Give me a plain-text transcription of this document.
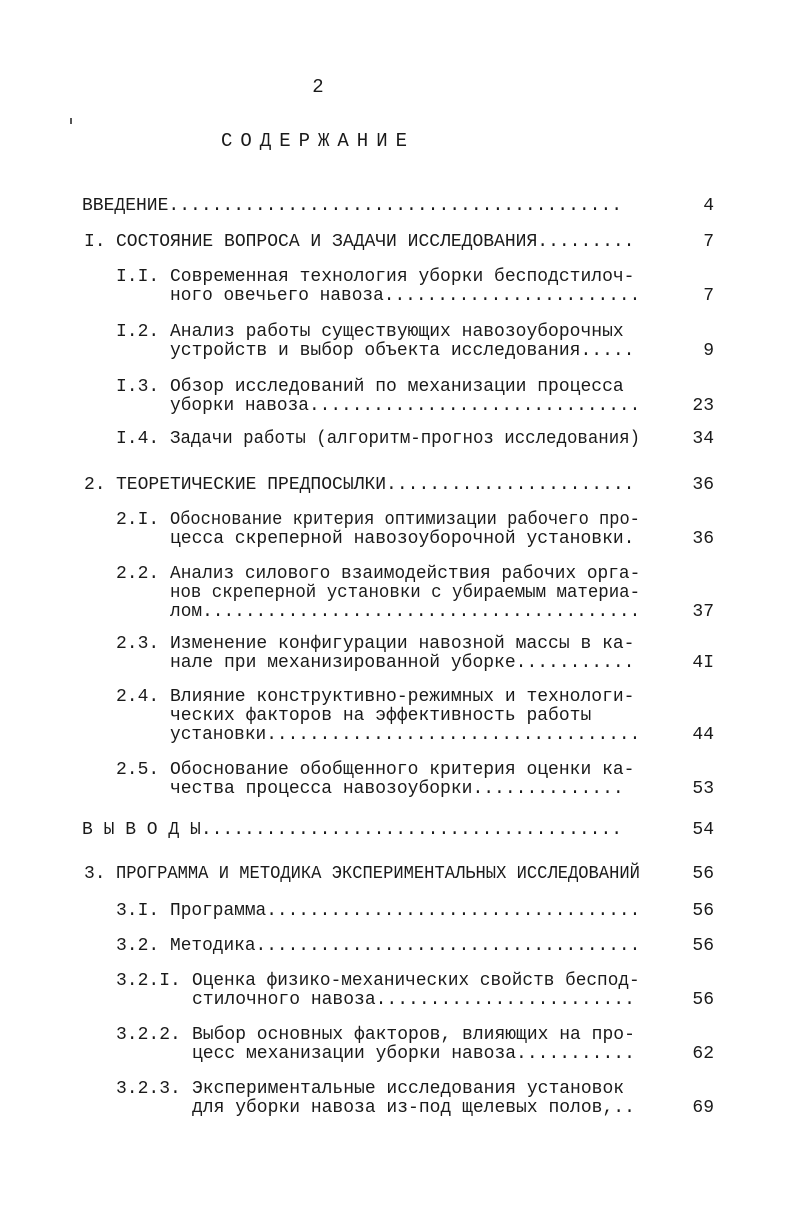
2
СОДЕРЖАНИЕ
ВВЕДЕНИЕ..........................................	4
I. СОСТОЯНИЕ ВОПРОСА И ЗАДАЧИ ИССЛЕДОВАНИЯ.........	7
I.I. Современная технология уборки бесподстилоч-
ного овечьего навоза........................	7
I.2. Анализ работы существующих навозоуборочных
устройств и выбор объекта исследования.....	9
I.3. Обзор исследований по механизации процесса
уборки навоза...............................	23
I.4. Задачи работы (алгоритм-прогноз исследования)	34
2. ТЕОРЕТИЧЕСКИЕ ПРЕДПОСЫЛКИ.......................	36
2.I. Обоснование критерия оптимизации рабочего про-
цесса скреперной навозоуборочной установки.	36
2.2. Анализ силового взаимодействия рабочих орга-
нов скреперной установки с убираемым материа-
лом.........................................	37
2.3. Изменение конфигурации навозной массы в ка-
нале при механизированной уборке...........	4I
2.4. Влияние конструктивно-режимных и технологи-
ческих факторов на эффективность работы
установки...................................	44
2.5. Обоснование обобщенного критерия оценки ка-
чества процесса навозоуборки..............	53
В Ы В О Д Ы.......................................	54
3. ПРОГРАММА И МЕТОДИКА ЭКСПЕРИМЕНТАЛЬНЫХ ИССЛЕДОВАНИЙ	56
3.I. Программа...................................	56
3.2. Методика....................................	56
3.2.I. Оценка физико-механических свойств беспод-
стилочного навоза........................	56
3.2.2. Выбор основных факторов, влияющих на про-
цесс механизации уборки навоза...........	62
3.2.3. Экспериментальные исследования установок
для уборки навоза из-под щелевых полов,..	69
